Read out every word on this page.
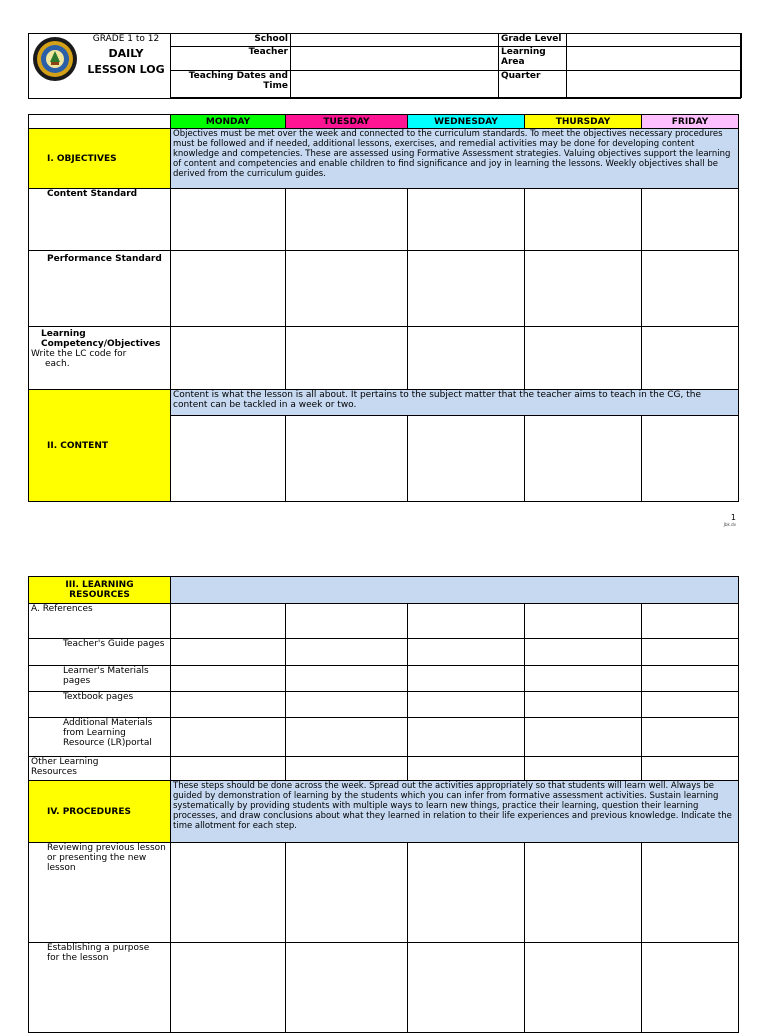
GRADE 1 to 12
DAILY
LESSON LOG
School		Grade Level	
Teacher		Learning
Area	

Teaching Dates and
Time		Quarter	
	MONDAY	TUESDAY	WEDNESDAY	THURSDAY	FRIDAY
I. OBJECTIVES	Objectives must be met over the week and connected to the curriculum standards. To meet the objectives necessary procedures must be followed and if needed, additional lessons, exercises, and remedial activities may be done for developing content knowledge and competencies. These are assessed using Formative Assessment strategies. Valuing objectives support the learning of content and competencies and enable children to find significance and joy in learning the lessons. Weekly objectives shall be derived from the curriculum guides.				
Content Standard					
Performance Standard					

Learning
Competency/Objectives
Write the LC code for
each.					

II. CONTENT	Content is what the lesson is all about. It pertains to the subject matter that the teacher aims to teach in the CG, the content can be tackled in a week or two.				

1
Jbk.dv
III. LEARNING
RESOURCES					

A. References					
Teacher's Guide pages					
Learner's Materials pages					
Textbook pages					
Additional Materials from Learning Resource (LR)portal					
Other Learning Resources					
IV. PROCEDURES	These steps should be done across the week. Spread out the activities appropriately so that students will learn well. Always be guided by demonstration of learning by the students which you can infer from formative assessment activities. Sustain learning systematically by providing students with multiple ways to learn new things, practice their learning, question their learning processes, and draw conclusions about what they learned in relation to their life experiences and previous knowledge. Indicate the time allotment for each step.				
Reviewing previous lesson or presenting the new lesson					
Establishing a purpose for the lesson					
